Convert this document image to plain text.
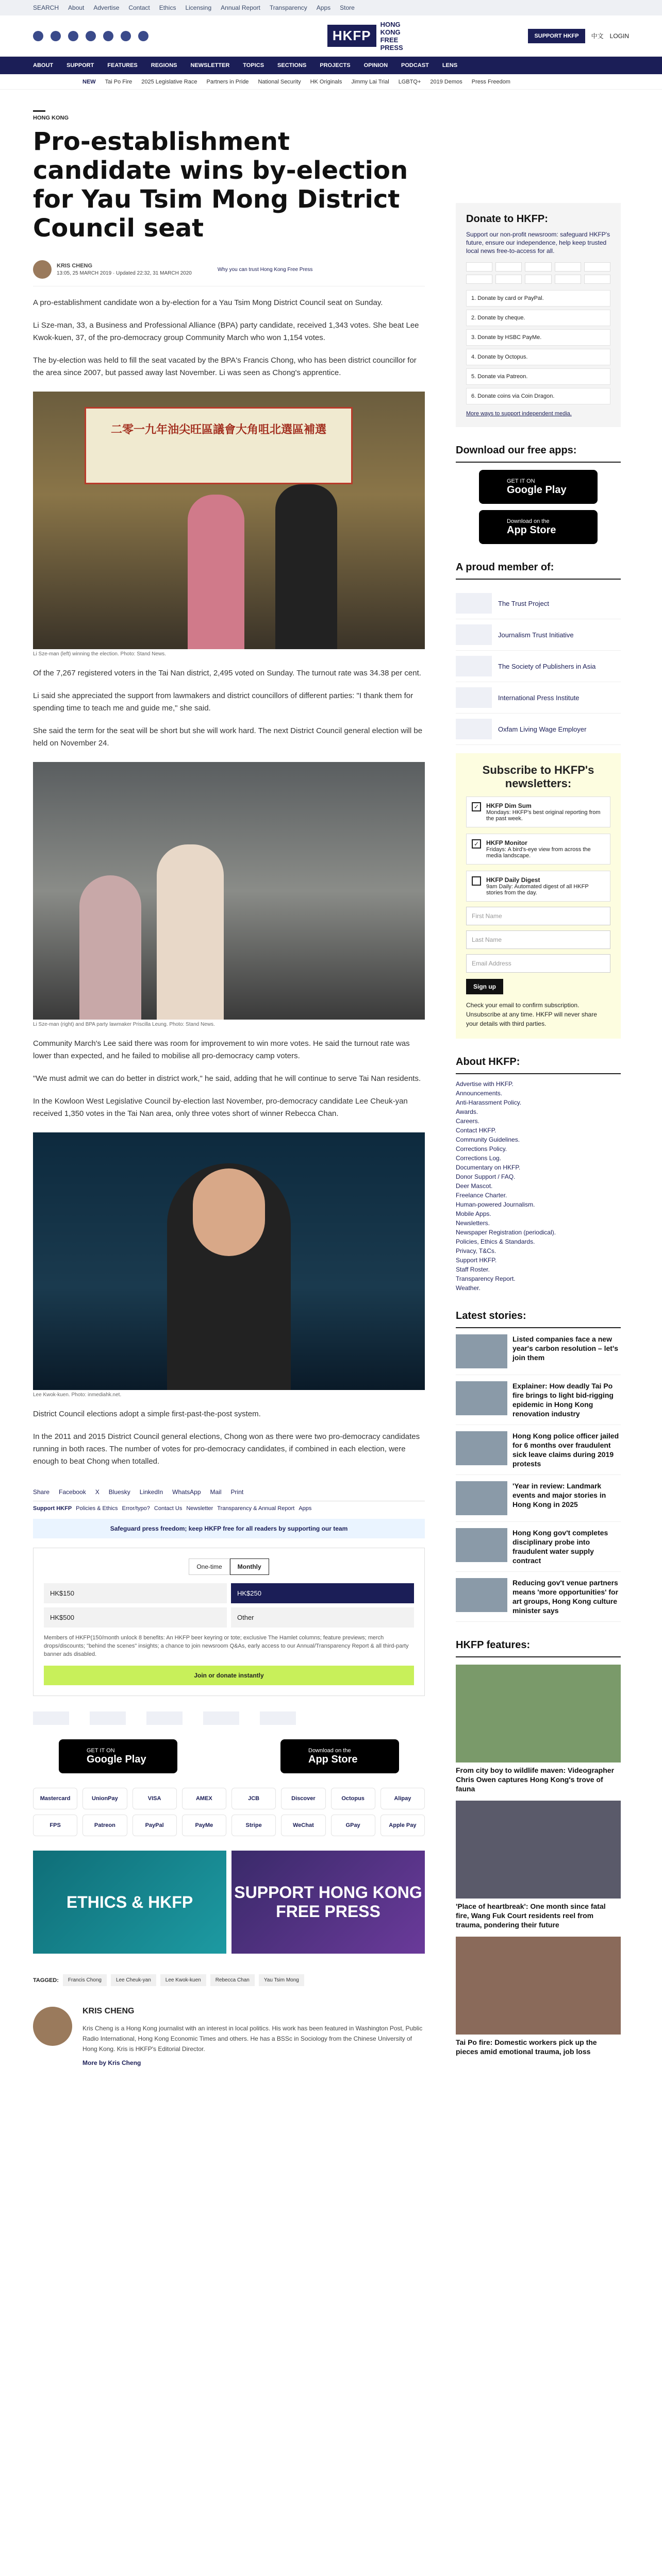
SEARCH About Advertise Contact Ethics Licensing Annual Report Transparency Apps Store
HKFP
HONG KONG FREE PRESS
SUPPORT HKFP	中文 LOGIN
ABOUT SUPPORT FEATURES REGIONS NEWSLETTER TOPICS SECTIONS PROJECTS OPINION PODCAST LENS
NEW Tai Po Fire 2025 Legislative Race Partners in Pride National Security HK Originals Jimmy Lai Trial LGBTQ+ 2019 Demos Press Freedom
HONG KONG
Pro-establishment candidate wins by-election for Yau Tsim Mong District Council seat
KRIS CHENG
13:05, 25 MARCH 2019 · Updated 22:32, 31 MARCH 2020
Why you can trust Hong Kong Free Press

A pro-establishment candidate won a by-election for a Yau Tsim Mong District Council seat on Sunday.

Li Sze-man, 33, a Business and Professional Alliance (BPA) party candidate, received 1,343 votes. She beat Lee Kwok-kuen, 37, of the pro-democracy group Community March who won 1,154 votes.

The by-election was held to fill the seat vacated by the BPA's Francis Chong, who has been district councillor for the area since 2007, but passed away last November. Li was seen as Chong's apprentice.

二零一九年油尖旺區議會大角咀北選區補選
Li Sze-man (left) winning the election. Photo: Stand News.

Of the 7,267 registered voters in the Tai Nan district, 2,495 voted on Sunday. The turnout rate was 34.38 per cent.

Li said she appreciated the support from lawmakers and district councillors of different parties: "I thank them for spending time to teach me and guide me," she said.

She said the term for the seat will be short but she will work hard. The next District Council general election will be held on November 24.

Li Sze-man (right) and BPA party lawmaker Priscilla Leung. Photo: Stand News.

Community March's Lee said there was room for improvement to win more votes. He said the turnout rate was lower than expected, and he failed to mobilise all pro-democracy camp voters.

"We must admit we can do better in district work," he said, adding that he will continue to serve Tai Nan residents.

In the Kowloon West Legislative Council by-election last November, pro-democracy candidate Lee Cheuk-yan received 1,350 votes in the Tai Nan area, only three votes short of winner Rebecca Chan.

Lee Kwok-kuen. Photo: inmediahk.net.

District Council elections adopt a simple first-past-the-post system.

In the 2011 and 2015 District Council general elections, Chong won as there were two pro-democracy candidates running in both races. The number of votes for pro-democracy candidates, if combined in each election, were enough to beat Chong when totalled.

Share Facebook X Bluesky LinkedIn WhatsApp Mail Print
Support HKFP Policies & Ethics Error/typo? Contact Us Newsletter Transparency & Annual Report Apps
Safeguard press freedom; keep HKFP free for all readers by supporting our team
One-time	Monthly
HK$150	HK$250
HK$500	Other
Members of HKFP(150/month unlock 8 benefits: An HKFP beer keyring or tote; exclusive The Hamlet columns; feature previews; merch drops/discounts; "behind the scenes" insights; a chance to join newsroom Q&As, early access to our Annual/Transparency Report & all third-party banner ads disabled.
Join or donate instantly
GET IT ON
Google Play
Download on the
App Store
Mastercard	UnionPay	VISA	AMEX	JCB	Discover	Octopus	Alipay
FPS	Patreon	PayPal	PayMe	Stripe	WeChat	GPay	Apple Pay
ETHICS & HKFP
SUPPORT HONG KONG FREE PRESS
TAGGED:	Francis Chong	Lee Cheuk-yan	Lee Kwok-kuen	Rebecca Chan	Yau Tsim Mong
KRIS CHENG

Kris Cheng is a Hong Kong journalist with an interest in local politics. His work has been featured in Washington Post, Public Radio International, Hong Kong Economic Times and others. He has a BSSc in Sociology from the Chinese University of Hong Kong. Kris is HKFP's Editorial Director.

More by Kris Cheng
Donate to HKFP:

Support our non-profit newsroom: safeguard HKFP's future, ensure our independence, help keep trusted local news free-to-access for all.

1. Donate by card or PayPal.
2. Donate by cheque.
3. Donate by HSBC PayMe.
4. Donate by Octopus.
5. Donate via Patreon.
6. Donate coins via Coin Dragon.
More ways to support independent media.
Download our free apps:
GET IT ON
Google Play
Download on the
App Store
A proud member of:
The Trust Project
Journalism Trust Initiative
The Society of Publishers in Asia
International Press Institute
Oxfam Living Wage Employer
Subscribe to HKFP's newsletters:
✓	HKFP Dim Sum
Mondays: HKFP's best original reporting from the past week.
✓	HKFP Monitor
Fridays: A bird's-eye view from across the media landscape.
HKFP Daily Digest
9am Daily: Automated digest of all HKFP stories from the day.
First Name
Last Name
Email Address
Sign up
Check your email to confirm subscription. Unsubscribe at any time. HKFP will never share your details with third parties.
About HKFP:
Advertise with HKFP.
Announcements.
Anti-Harassment Policy.
Awards.
Careers.
Contact HKFP.
Community Guidelines.
Corrections Policy.
Corrections Log.
Documentary on HKFP.
Donor Support / FAQ.
Deer Mascot.
Freelance Charter.
Human-powered Journalism.
Mobile Apps.
Newsletters.
Newspaper Registration (periodical).
Policies, Ethics & Standards.
Privacy, T&Cs.
Support HKFP.
Staff Roster.
Transparency Report.
Weather.
Latest stories:
Listed companies face a new year's carbon resolution – let's join them
Explainer: How deadly Tai Po fire brings to light bid-rigging epidemic in Hong Kong renovation industry
Hong Kong police officer jailed for 6 months over fraudulent sick leave claims during 2019 protests
'Year in review: Landmark events and major stories in Hong Kong in 2025
Hong Kong gov't completes disciplinary probe into fraudulent water supply contract
Reducing gov't venue partners means 'more opportunities' for art groups, Hong Kong culture minister says
HKFP features:
From city boy to wildlife maven: Videographer Chris Owen captures Hong Kong's trove of fauna
'Place of heartbreak': One month since fatal fire, Wang Fuk Court residents reel from trauma, pondering their future
Tai Po fire: Domestic workers pick up the pieces amid emotional trauma, job loss
